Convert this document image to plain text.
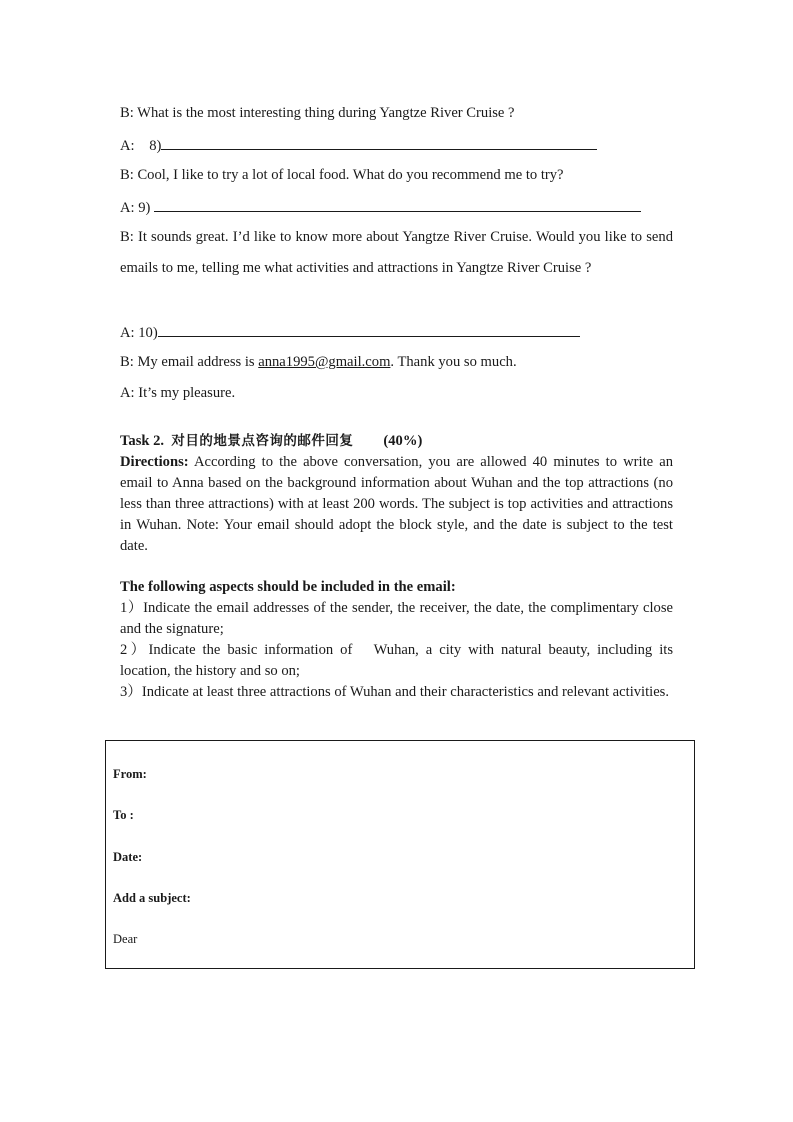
B: What is the most interesting thing during Yangtze River Cruise ?
A: 8)
B: Cool, I like to try a lot of local food. What do you recommend me to try?
A: 9)
B: It sounds great. I’d like to know more about Yangtze River Cruise. Would you like to send emails to me, telling me what activities and attractions in Yangtze River Cruise ?
A: 10)
B: My email address is anna1995@gmail.com. Thank you so much.
A: It’s my pleasure.
Task 2. 对目的地景点咨询的邮件回复 (40%)
Directions: According to the above conversation, you are allowed 40 minutes to write an email to Anna based on the background information about Wuhan and the top attractions (no less than three attractions) with at least 200 words. The subject is top activities and attractions in Wuhan. Note: Your email should adopt the block style, and the date is subject to the test date.
The following aspects should be included in the email:
1）Indicate the email addresses of the sender, the receiver, the date, the complimentary close and the signature;
2）Indicate the basic information of　Wuhan, a city with natural beauty, including its location, the history and so on;
3）Indicate at least three attractions of Wuhan and their characteristics and relevant activities.
From:
To :
Date:
Add a subject:
Dear
